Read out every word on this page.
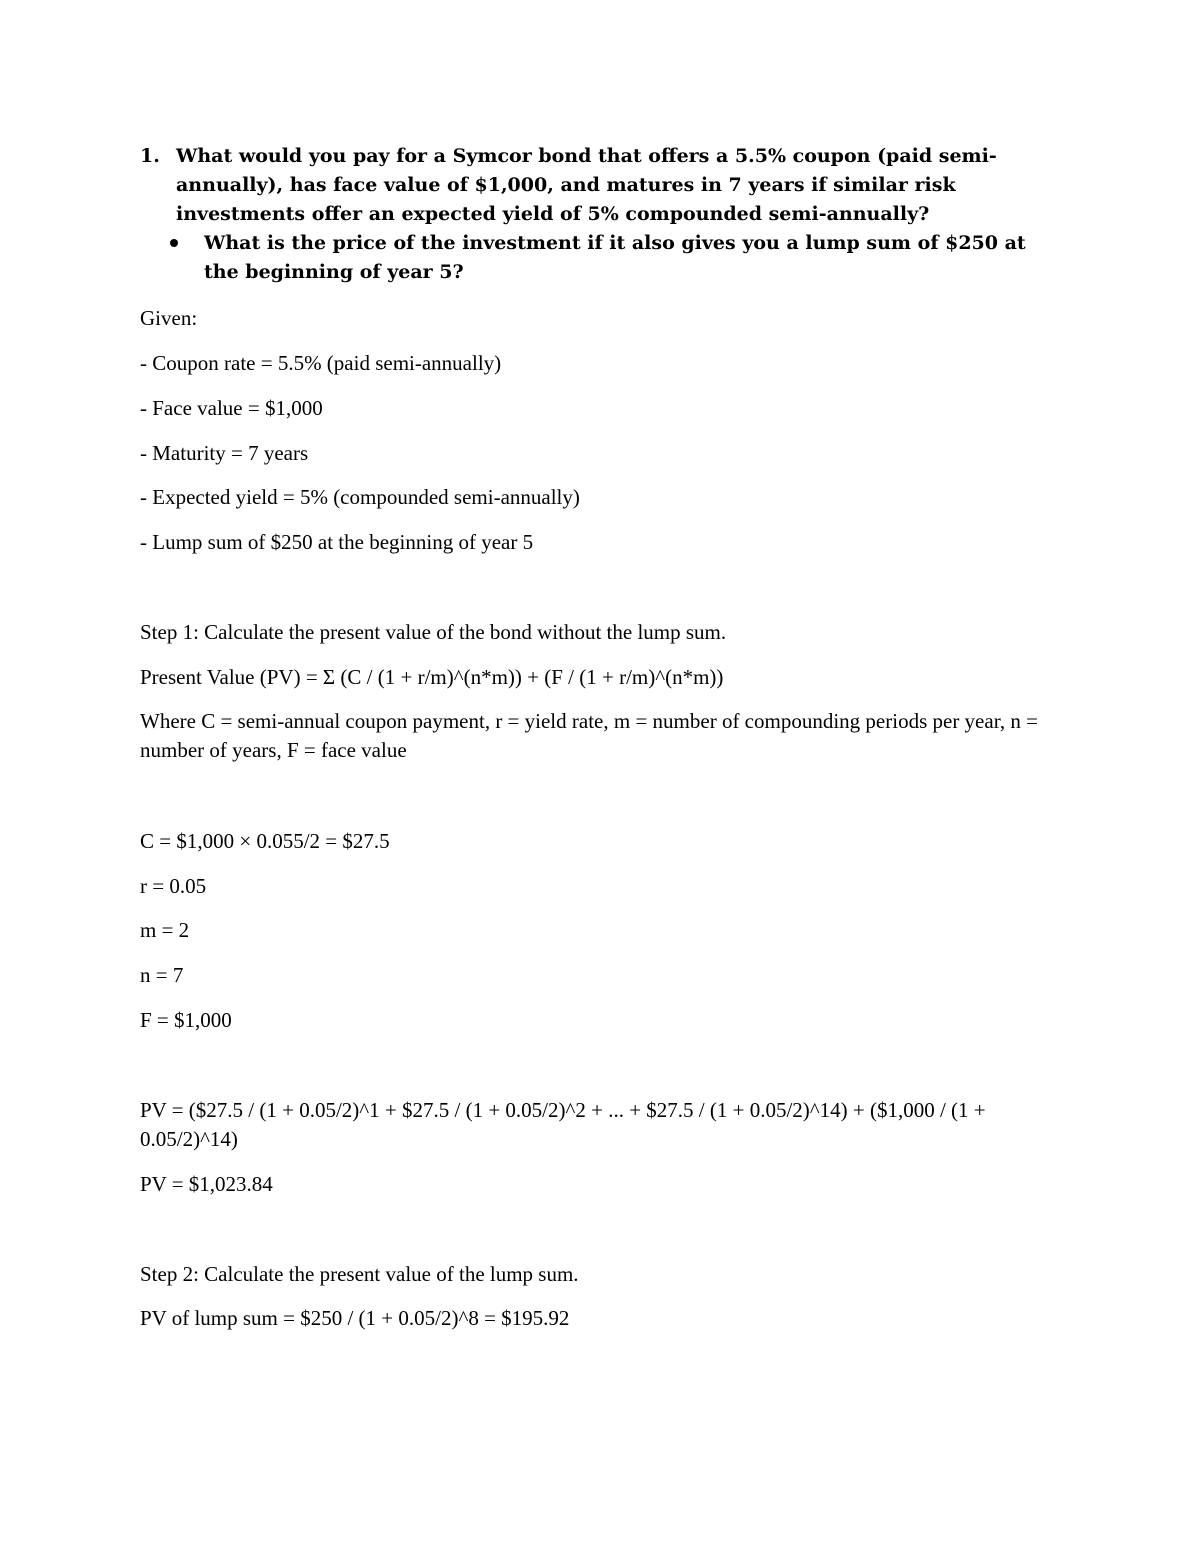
1. What would you pay for a Symcor bond that offers a 5.5% coupon (paid semi-annually), has face value of $1,000, and matures in 7 years if similar risk investments offer an expected yield of 5% compounded semi-annually?
What is the price of the investment if it also gives you a lump sum of $250 at the beginning of year 5?
Given:
- Coupon rate = 5.5% (paid semi-annually)
- Face value = $1,000
- Maturity = 7 years
- Expected yield = 5% (compounded semi-annually)
- Lump sum of $250 at the beginning of year 5
Step 1: Calculate the present value of the bond without the lump sum.
Present Value (PV) = Σ (C / (1 + r/m)^(n*m)) + (F / (1 + r/m)^(n*m))
Where C = semi-annual coupon payment, r = yield rate, m = number of compounding periods per year, n = number of years, F = face value
C = $1,000 × 0.055/2 = $27.5
r = 0.05
m = 2
n = 7
F = $1,000
PV = ($27.5 / (1 + 0.05/2)^1 + $27.5 / (1 + 0.05/2)^2 + ... + $27.5 / (1 + 0.05/2)^14) + ($1,000 / (1 + 0.05/2)^14)
PV = $1,023.84
Step 2: Calculate the present value of the lump sum.
PV of lump sum = $250 / (1 + 0.05/2)^8 = $195.92
